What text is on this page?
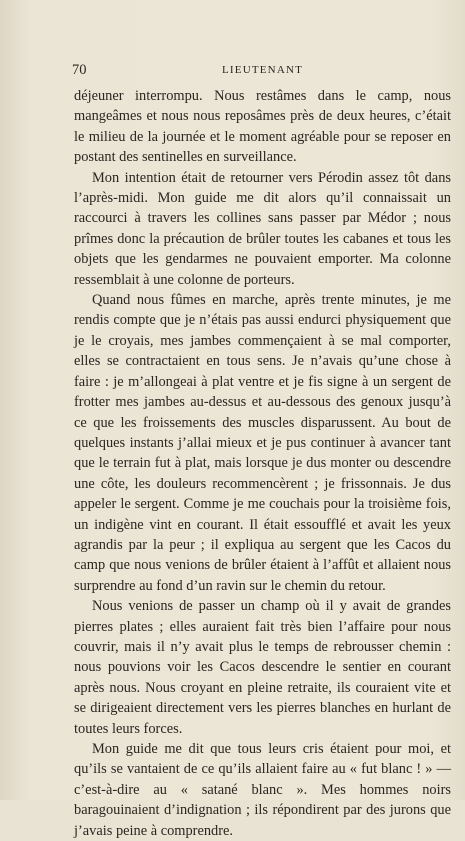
70	LIEUTENANT

déjeuner interrompu. Nous restâmes dans le camp, nous mangeâmes et nous nous reposâmes près de deux heures, c’était le milieu de la journée et le moment agréable pour se reposer en postant des sentinelles en surveillance.

Mon intention était de retourner vers Pérodin assez tôt dans l’après-midi. Mon guide me dit alors qu’il connaissait un raccourci à travers les collines sans passer par Médor ; nous prîmes donc la précaution de brûler toutes les cabanes et tous les objets que les gendarmes ne pouvaient emporter. Ma colonne ressemblait à une colonne de porteurs.

Quand nous fûmes en marche, après trente minutes, je me rendis compte que je n’étais pas aussi endurci physiquement que je le croyais, mes jambes commençaient à se mal comporter, elles se contractaient en tous sens. Je n’avais qu’une chose à faire : je m’allongeai à plat ventre et je fis signe à un sergent de frotter mes jambes au-dessus et au-dessous des genoux jusqu’à ce que les froissements des muscles disparussent. Au bout de quelques instants j’allai mieux et je pus continuer à avancer tant que le terrain fut à plat, mais lorsque je dus monter ou descendre une côte, les douleurs recommencèrent ; je frissonnais. Je dus appeler le sergent. Comme je me couchais pour la troisième fois, un indigène vint en courant. Il était essoufflé et avait les yeux agrandis par la peur ; il expliqua au sergent que les Cacos du camp que nous venions de brûler étaient à l’affût et allaient nous surprendre au fond d’un ravin sur le chemin du retour.

Nous venions de passer un champ où il y avait de grandes pierres plates ; elles auraient fait très bien l’affaire pour nous couvrir, mais il n’y avait plus le temps de rebrousser chemin : nous pouvions voir les Cacos descendre le sentier en courant après nous. Nous croyant en pleine retraite, ils couraient vite et se dirigeaient directement vers les pierres blanches en hurlant de toutes leurs forces.

Mon guide me dit que tous leurs cris étaient pour moi, et qu’ils se vantaient de ce qu’ils allaient faire au « fut blanc ! » — c’est-à-dire au « satané blanc ». Mes hommes noirs baragouinaient d’indignation ; ils répondirent par des jurons que j’avais peine à comprendre.
